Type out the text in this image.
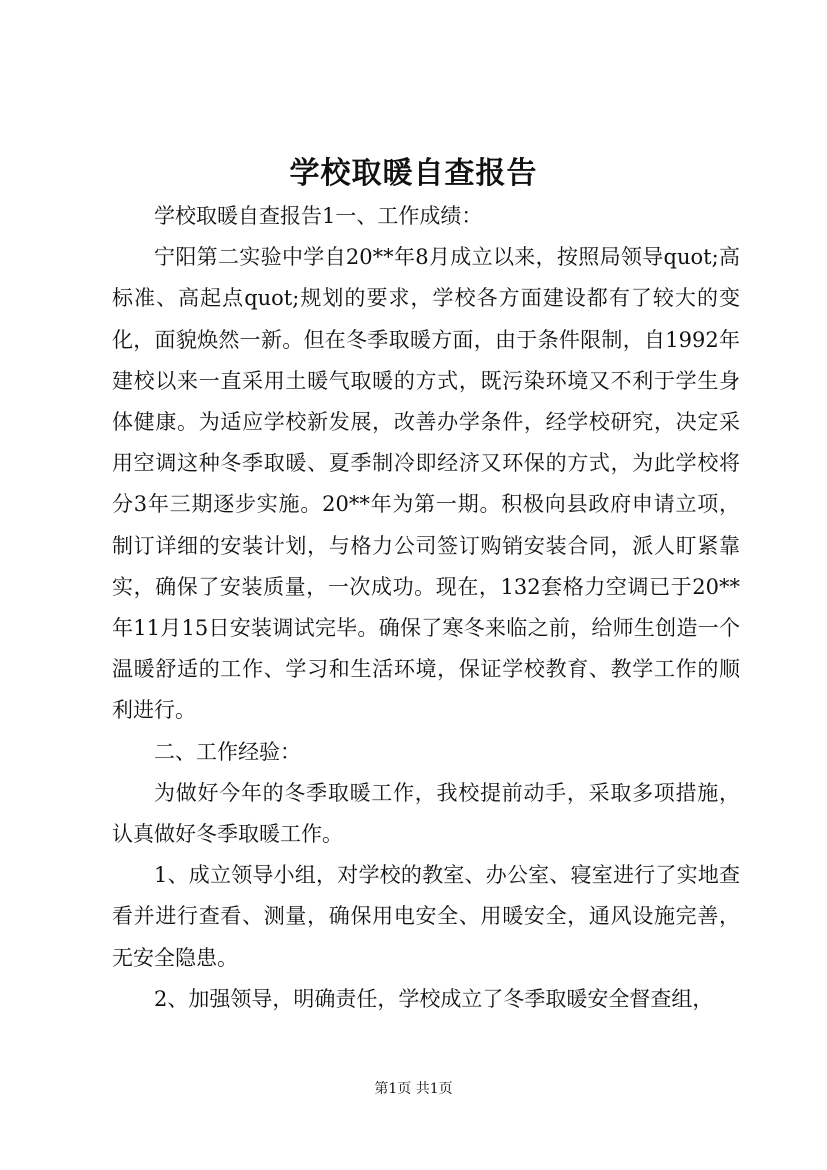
学校取暖自查报告

学校取暖自查报告1一、工作成绩：

宁阳第二实验中学自20**年8月成立以来，按照局领导quot;高标准、高起点quot;规划的要求，学校各方面建设都有了较大的变化，面貌焕然一新。但在冬季取暖方面，由于条件限制，自1992年建校以来一直采用土暖气取暖的方式，既污染环境又不利于学生身体健康。为适应学校新发展，改善办学条件，经学校研究，决定采用空调这种冬季取暖、夏季制冷即经济又环保的方式，为此学校将分3年三期逐步实施。20**年为第一期。积极向县政府申请立项，制订详细的安装计划，与格力公司签订购销安装合同，派人盯紧靠实，确保了安装质量，一次成功。现在，132套格力空调已于20**年11月15日安装调试完毕。确保了寒冬来临之前，给师生创造一个温暖舒适的工作、学习和生活环境，保证学校教育、教学工作的顺利进行。

二、工作经验：

为做好今年的冬季取暖工作，我校提前动手，采取多项措施，认真做好冬季取暖工作。

1、成立领导小组，对学校的教室、办公室、寝室进行了实地查看并进行查看、测量，确保用电安全、用暖安全，通风设施完善，无安全隐患。

2、加强领导，明确责任，学校成立了冬季取暖安全督查组，

第1页 共1页
